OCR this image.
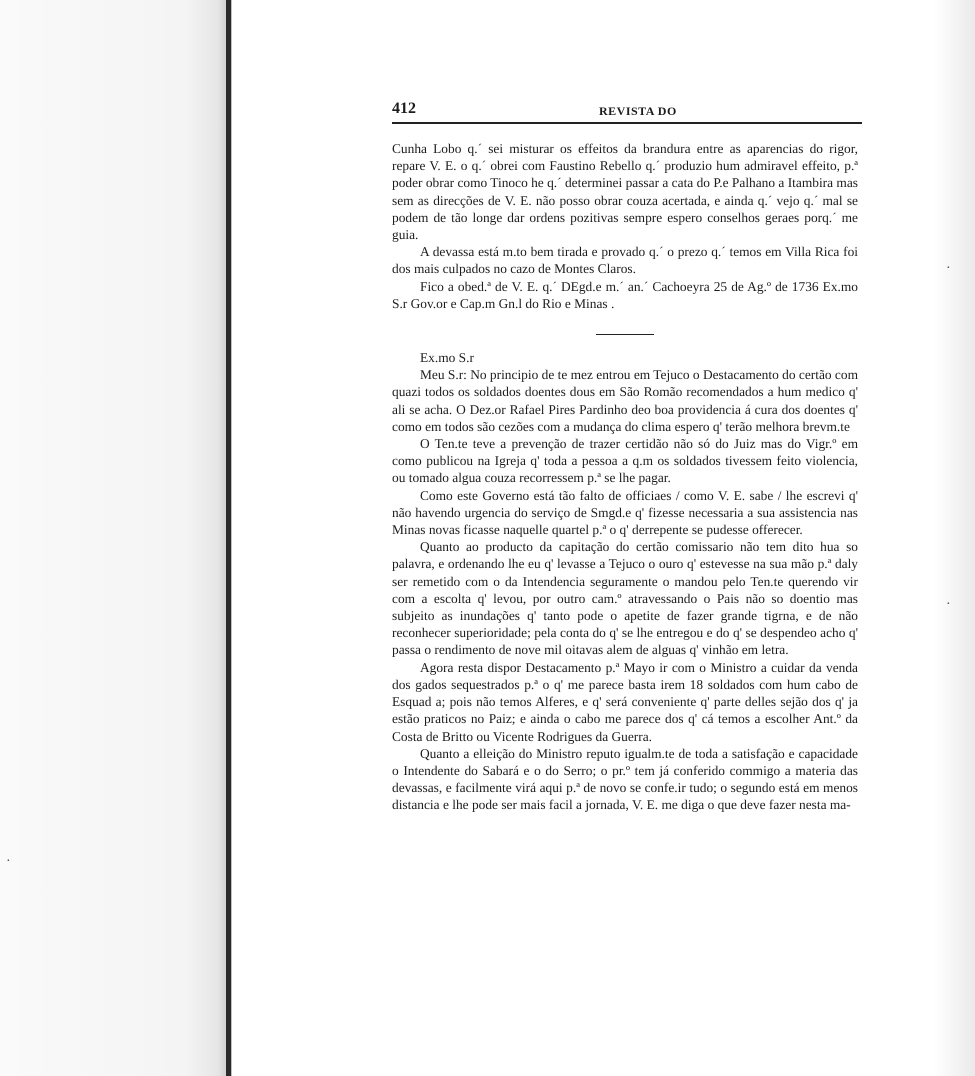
·
·
·
412	REVISTA DO

Cunha Lobo q.´ sei misturar os effeitos da brandura entre as aparencias do rigor, repare V. E. o q.´ obrei com Faustino Rebello q.´ produzio hum admiravel effeito, p.ª poder obrar como Tinoco he q.´ determinei passar a cata do P.e Palhano a Itambira mas sem as direcções de V. E. não posso obrar couza acertada, e ainda q.´ vejo q.´ mal se podem de tão longe dar ordens pozitivas sempre espero conselhos geraes porq.´ me guia.

A devassa está m.to bem tirada e provado q.´ o prezo q.´ temos em Villa Rica foi dos mais culpados no cazo de Montes Claros.

Fico a obed.ª de V. E. q.´ DEgd.e m.´ an.´ Cachoeyra 25 de Ag.º de 1736 Ex.mo S.r Gov.or e Cap.m Gn.l do Rio e Minas .

Ex.mo S.r

Meu S.r: No principio de te mez entrou em Tejuco o Destacamento do certão com quazi todos os soldados doentes dous em São Romão recomendados a hum medico q' ali se acha. O Dez.or Rafael Pires Pardinho deo boa providencia á cura dos doentes q' como em todos são cezões com a mudança do clima espero q' terão melhora brevm.te

O Ten.te teve a prevenção de trazer certidão não só do Juiz mas do Vigr.º em como publicou na Igreja q' toda a pessoa a q.m os soldados tivessem feito violencia, ou tomado algua couza recorressem p.ª se lhe pagar.

Como este Governo está tão falto de officiaes / como V. E. sabe / lhe escrevi q' não havendo urgencia do serviço de Smgd.e q' fizesse necessaria a sua assistencia nas Minas novas ficasse naquelle quartel p.ª o q' derrepente se pudesse offerecer.

Quanto ao producto da capitação do certão comissario não tem dito hua so palavra, e ordenando lhe eu q' levasse a Tejuco o ouro q' estevesse na sua mão p.ª daly ser remetido com o da Intendencia seguramente o mandou pelo Ten.te querendo vir com a escolta q' levou, por outro cam.º atravessando o Pais não so doentio mas subjeito as inundações q' tanto pode o apetite de fazer grande tigrna, e de não reconhecer superioridade; pela conta do q' se lhe entregou e do q' se despendeo acho q' passa o rendimento de nove mil oitavas alem de alguas q' vinhão em letra.

Agora resta dispor Destacamento p.ª Mayo ir com o Ministro a cuidar da venda dos gados sequestrados p.ª o q' me parece basta irem 18 soldados com hum cabo de Esquad a; pois não temos Alferes, e q' será conveniente q' parte delles sejão dos q' ja estão praticos no Paiz; e ainda o cabo me parece dos q' cá temos a escolher Ant.º da Costa de Britto ou Vicente Rodrigues da Guerra.

Quanto a elleição do Ministro reputo igualm.te de toda a satisfação e capacidade o Intendente do Sabará e o do Serro; o pr.º tem já conferido commigo a materia das devassas, e facilmente virá aqui p.ª de novo se confe.ir tudo; o segundo está em menos distancia e lhe pode ser mais facil a jornada, V. E. me diga o que deve fazer nesta ma-
